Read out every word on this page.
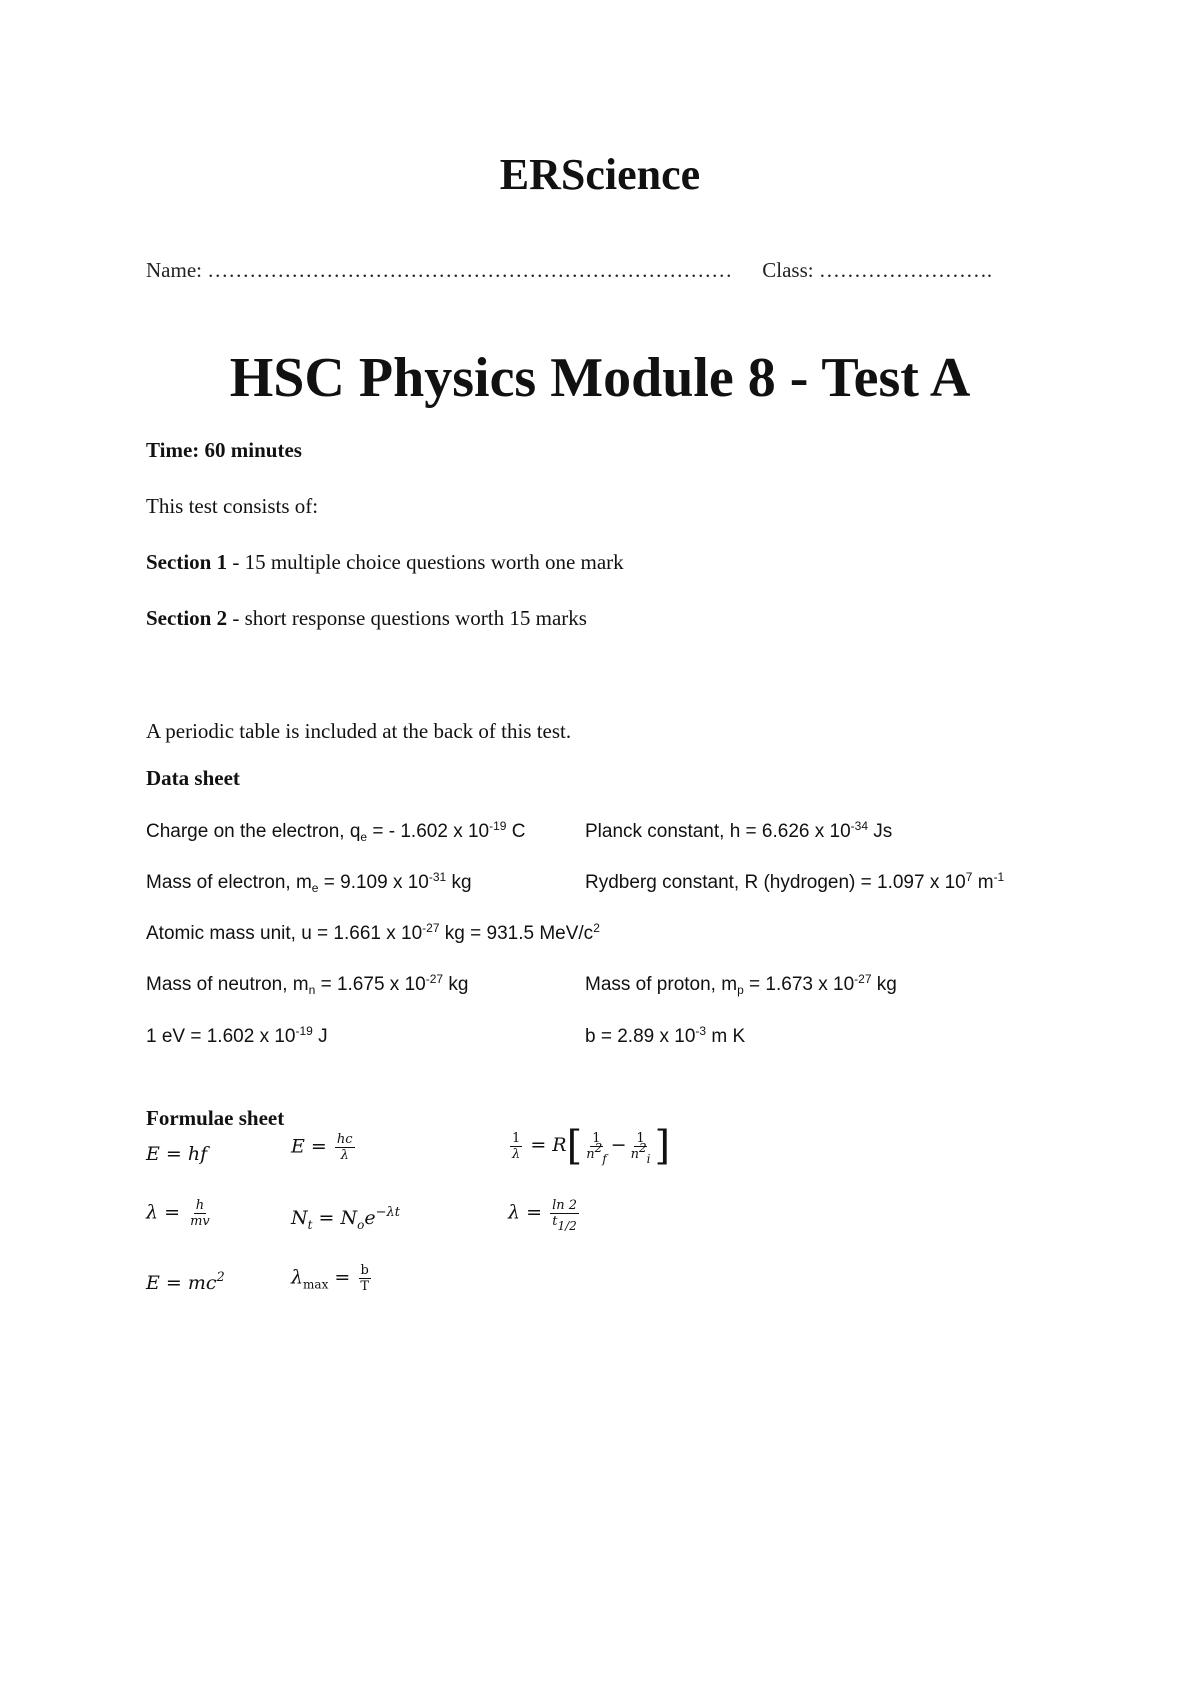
ERScience
Name: ………………………………………………………………… Class: …………………….
HSC Physics Module 8 - Test A
Time: 60 minutes
This test consists of:
Section 1 - 15 multiple choice questions worth one mark
Section 2 - short response questions worth 15 marks
A periodic table is included at the back of this test.
Data sheet
Charge on the electron, $q_e$ = - 1.602 x $10^{-19}$ C	Planck constant, h = 6.626 x $10^{-34}$ Js
Mass of electron, $m_e = 9.109$ x $10^{-31}$ kg	Rydberg constant, R (hydrogen) = 1.097 x $10^7$ $m^{-1}$
Atomic mass unit, u = 1.661 x $10^{-27}$ kg = 931.5 MeV/$c^2$
Mass of neutron, $m_n = 1.675$ x $10^{-27}$ kg	Mass of proton, $m_p = 1.673$ x $10^{-27}$ kg
1 eV = 1.602 x $10^{-19}$ J	b = 2.89 x $10^{-3}$ m K
Formulae sheet
E = hf	$E = \frac{hc}{\lambda}$	$\frac{1}{\lambda} = R[ \frac{1}{n^2_f} - \frac{1}{n^2_i}$ ]
$\lambda = \frac{h}{mv}$	$N_t = N_oe^{-\lambda t}$	$\lambda = \frac{\ln 2}{t_{1/2}}$
$E = mc^2$	$\lambda_{max} = \frac{b}{T}$
